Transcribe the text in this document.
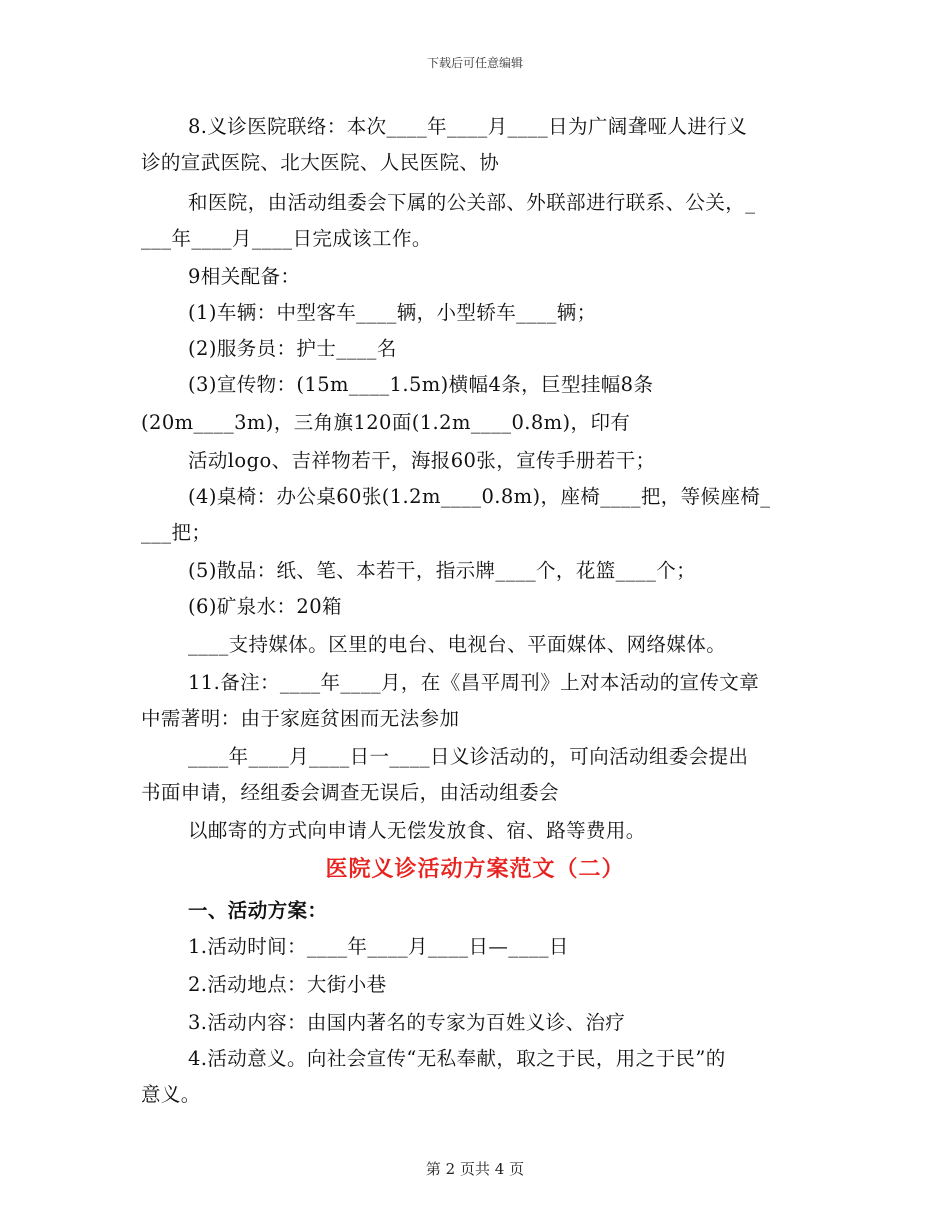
下载后可任意编辑
8.义诊医院联络：本次____年____月____日为广阔聋哑人进行义
诊的宣武医院、北大医院、人民医院、协
和医院，由活动组委会下属的公关部、外联部进行联系、公关，_
___年____月____日完成该工作。
9相关配备：
(1)车辆：中型客车____辆，小型轿车____辆；
(2)服务员：护士____名
(3)宣传物：(15m____1.5m)横幅4条，巨型挂幅8条
(20m____3m)，三角旗120面(1.2m____0.8m)，印有
活动logo、吉祥物若干，海报60张，宣传手册若干；
(4)桌椅：办公桌60张(1.2m____0.8m)，座椅____把，等候座椅_
___把；
(5)散品：纸、笔、本若干，指示牌____个，花篮____个；
(6)矿泉水：20箱
____支持媒体。区里的电台、电视台、平面媒体、网络媒体。
11.备注：____年____月，在《昌平周刊》上对本活动的宣传文章
中需著明：由于家庭贫困而无法参加
____年____月____日一____日义诊活动的，可向活动组委会提出
书面申请，经组委会调查无误后，由活动组委会
以邮寄的方式向申请人无偿发放食、宿、路等费用。
医院义诊活动方案范文（二）
一、活动方案：
1.活动时间：____年____月____日—____日
2.活动地点：大街小巷
3.活动内容：由国内著名的专家为百姓义诊、治疗
4.活动意义。向社会宣传“无私奉献，取之于民，用之于民”的
意义。
第 2 页共 4 页
